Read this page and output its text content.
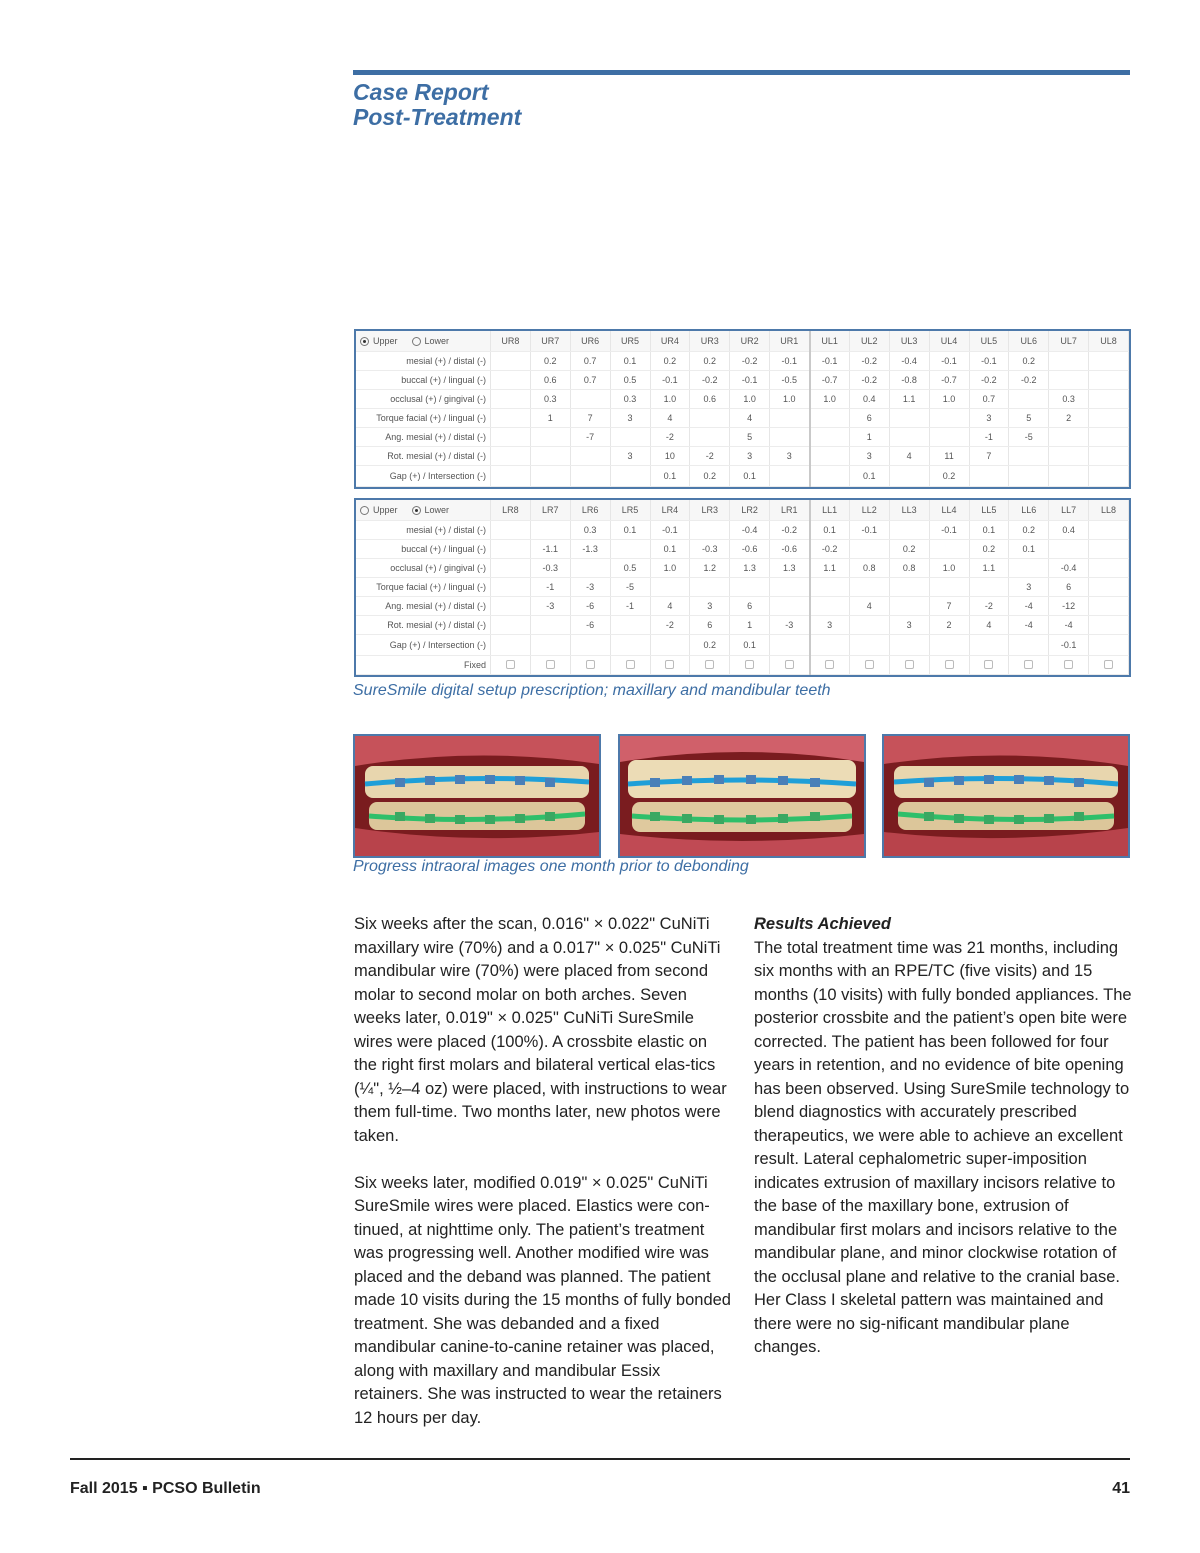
Case Report
Post-Treatment
Upper Lower	UR8	UR7	UR6	UR5	UR4	UR3	UR2	UR1	UL1	UL2	UL3	UL4	UL5	UL6	UL7	UL8
mesial (+) / distal (-)		0.2	0.7	0.1	0.2	0.2	-0.2	-0.1	-0.1	-0.2	-0.4	-0.1	-0.1	0.2		
buccal (+) / lingual (-)		0.6	0.7	0.5	-0.1	-0.2	-0.1	-0.5	-0.7	-0.2	-0.8	-0.7	-0.2	-0.2		
occlusal (+) / gingival (-)		0.3		0.3	1.0	0.6	1.0	1.0	1.0	0.4	1.1	1.0	0.7		0.3	
Torque facial (+) / lingual (-)		1	7	3	4		4			6			3	5	2	
Ang. mesial (+) / distal (-)			-7		-2		5			1			-1	-5		
Rot. mesial (+) / distal (-)				3	10	-2	3	3		3	4	11	7			
Gap (+) / Intersection (-)					0.1	0.2	0.1			0.1		0.2				
Upper Lower	LR8	LR7	LR6	LR5	LR4	LR3	LR2	LR1	LL1	LL2	LL3	LL4	LL5	LL6	LL7	LL8
mesial (+) / distal (-)			0.3	0.1	-0.1		-0.4	-0.2	0.1	-0.1		-0.1	0.1	0.2	0.4	
buccal (+) / lingual (-)		-1.1	-1.3		0.1	-0.3	-0.6	-0.6	-0.2		0.2		0.2	0.1		
occlusal (+) / gingival (-)		-0.3		0.5	1.0	1.2	1.3	1.3	1.1	0.8	0.8	1.0	1.1		-0.4	
Torque facial (+) / lingual (-)		-1	-3	-5										3	6	
Ang. mesial (+) / distal (-)		-3	-6	-1	4	3	6			4		7	-2	-4	-12	
Rot. mesial (+) / distal (-)			-6		-2	6	1	-3	3		3	2	4	-4	-4	
Gap (+) / Intersection (-)						0.2	0.1								-0.1	
Fixed																
SureSmile digital setup prescription; maxillary and mandibular teeth
Progress intraoral images one month prior to debonding

Six weeks after the scan, 0.016" × 0.022" CuNiTi maxillary wire (70%) and a 0.017" × 0.025" CuNiTi mandibular wire (70%) were placed from second molar to second molar on both arches. Seven weeks later, 0.019" × 0.025" CuNiTi SureSmile wires were placed (100%). A crossbite elastic on the right first molars and bilateral vertical elas-tics (¼", ½–4 oz) were placed, with instructions to wear them full-time. Two months later, new photos were taken.

Six weeks later, modified 0.019" × 0.025" CuNiTi SureSmile wires were placed. Elastics were con-tinued, at nighttime only. The patient’s treatment was progressing well. Another modified wire was placed and the deband was planned. The patient made 10 visits during the 15 months of fully bonded treatment. She was debanded and a fixed mandibular canine-to-canine retainer was placed, along with maxillary and mandibular Essix retainers. She was instructed to wear the retainers 12 hours per day.

Results Achieved

The total treatment time was 21 months, including six months with an RPE/TC (five visits) and 15 months (10 visits) with fully bonded appliances. The posterior crossbite and the patient’s open bite were corrected. The patient has been followed for four years in retention, and no evidence of bite opening has been observed. Using SureSmile technology to blend diagnostics with accurately prescribed therapeutics, we were able to achieve an excellent result. Lateral cephalometric super-imposition indicates extrusion of maxillary incisors relative to the base of the maxillary bone, extrusion of mandibular first molars and incisors relative to the mandibular plane, and minor clockwise rotation of the occlusal plane and relative to the cranial base. Her Class I skeletal pattern was maintained and there were no sig-nificant mandibular plane changes.

Fall 2015 ▪ PCSO Bulletin	41
